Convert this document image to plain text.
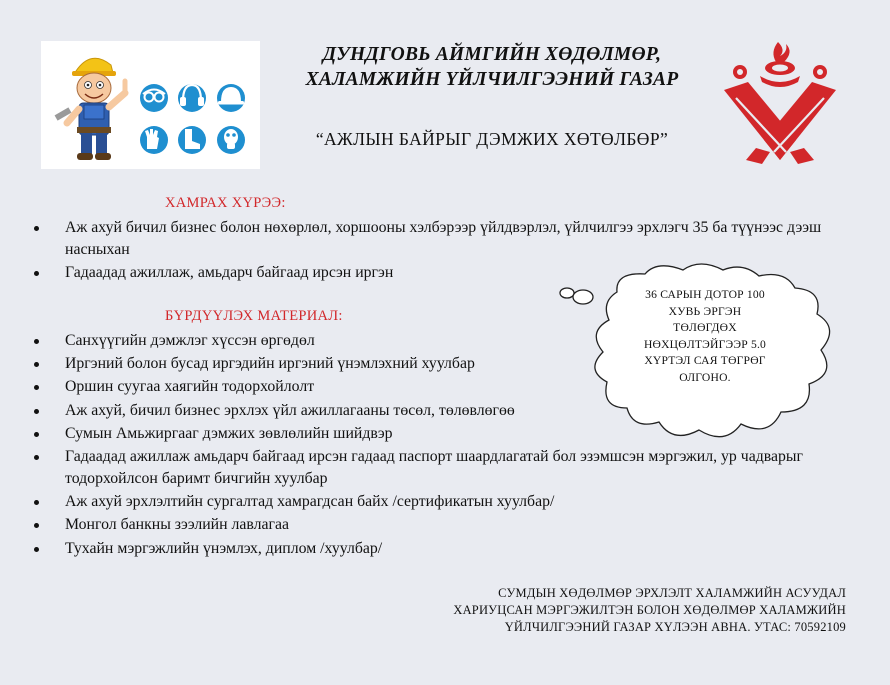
ДУНДГОВЬ АЙМГИЙН ХӨДӨЛМӨР,
ХАЛАМЖИЙН ҮЙЛЧИЛГЭЭНИЙ ГАЗАР
“АЖЛЫН БАЙРЫГ ДЭМЖИХ ХӨТӨЛБӨР”
ХАМРАХ ХҮРЭЭ:
Аж ахуй бичил бизнес болон нөхөрлөл, хоршооны хэлбэрээр үйлдвэрлэл, үйлчилгээ эрхлэгч 35 ба түүнээс дээш насныхан
Гадаадад ажиллаж, амьдарч байгаад ирсэн иргэн
БҮРДҮҮЛЭХ МАТЕРИАЛ:
Санхүүгийн дэмжлэг хүссэн өргөдөл
Иргэний болон бусад иргэдийн иргэний үнэмлэхний хуулбар
Оршин суугаа хаягийн тодорхойлолт
Аж ахуй, бичил бизнес эрхлэх үйл ажиллагааны төсөл, төлөвлөгөө
Сумын Амьжиргааг дэмжих зөвлөлийн шийдвэр
Гадаадад ажиллаж амьдарч байгаад ирсэн гадаад паспорт шаардлагатай бол эзэмшсэн мэргэжил, ур чадварыг тодорхойлсон баримт бичгийн хуулбар
Аж ахуй эрхлэлтийн сургалтад хамрагдсан байх /сертификатын хуулбар/
Монгол банкны зээлийн лавлагаа
Тухайн мэргэжлийн үнэмлэх, диплом /хуулбар/
36 САРЫН ДОТОР 100
ХУВЬ ЭРГЭН
ТӨЛӨГДӨХ
НӨХЦӨЛТЭЙГЭЭР 5.0
ХҮРТЭЛ САЯ ТӨГРӨГ
ОЛГОНО.
СУМДЫН ХӨДӨЛМӨР ЭРХЛЭЛТ ХАЛАМЖИЙН АСУУДАЛ
ХАРИУЦСАН МЭРГЭЖИЛТЭН БОЛОН ХӨДӨЛМӨР ХАЛАМЖИЙН
ҮЙЛЧИЛГЭЭНИЙ ГАЗАР ХҮЛЭЭН АВНА. УТАС: 70592109
